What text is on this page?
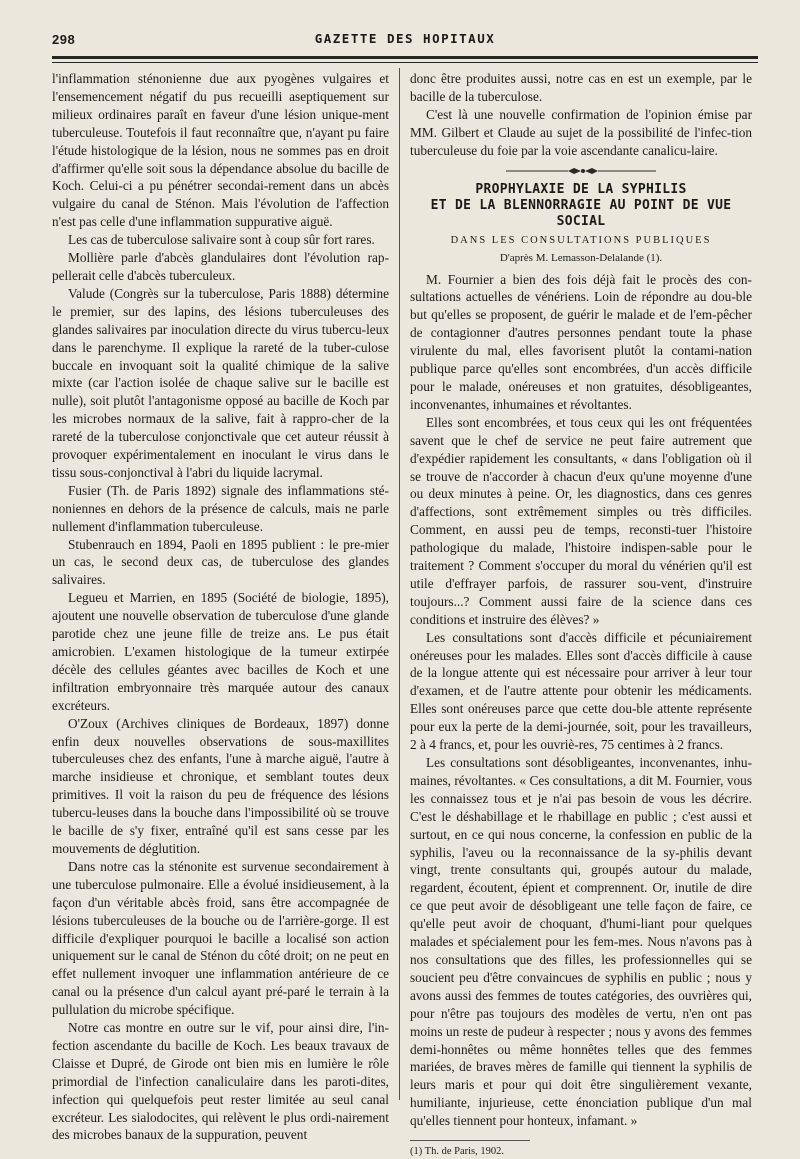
298	GAZETTE DES HOPITAUX

l'inflammation sténonienne due aux pyogènes vulgaires et l'ensemencement négatif du pus recueilli aseptiquement sur milieux ordinaires paraît en faveur d'une lésion unique-ment tuberculeuse. Toutefois il faut reconnaître que, n'ayant pu faire l'étude histologique de la lésion, nous ne sommes pas en droit d'affirmer qu'elle soit sous la dépendance absolue du bacille de Koch. Celui-ci a pu pénétrer secondai-rement dans un abcès vulgaire du canal de Sténon. Mais l'évolution de l'affection n'est pas celle d'une inflammation suppurative aiguë.

Les cas de tuberculose salivaire sont à coup sûr fort rares.

Mollière parle d'abcès glandulaires dont l'évolution rap-pellerait celle d'abcès tuberculeux.

Valude (Congrès sur la tuberculose, Paris 1888) détermine le premier, sur des lapins, des lésions tuberculeuses des glandes salivaires par inoculation directe du virus tubercu-leux dans le parenchyme. Il explique la rareté de la tuber-culose buccale en invoquant soit la qualité chimique de la salive mixte (car l'action isolée de chaque salive sur le bacille est nulle), soit plutôt l'antagonisme opposé au bacille de Koch par les microbes normaux de la salive, fait à rappro-cher de la rareté de la tuberculose conjonctivale que cet auteur réussit à provoquer expérimentalement en inoculant le virus dans le tissu sous-conjonctival à l'abri du liquide lacrymal.

Fusier (Th. de Paris 1892) signale des inflammations sté-noniennes en dehors de la présence de calculs, mais ne parle nullement d'inflammation tuberculeuse.

Stubenrauch en 1894, Paoli en 1895 publient : le pre-mier un cas, le second deux cas, de tuberculose des glandes salivaires.

Legueu et Marrien, en 1895 (Société de biologie, 1895), ajoutent une nouvelle observation de tuberculose d'une glande parotide chez une jeune fille de treize ans. Le pus était amicrobien. L'examen histologique de la tumeur extirpée décèle des cellules géantes avec bacilles de Koch et une infiltration embryonnaire très marquée autour des canaux excréteurs.

O'Zoux (Archives cliniques de Bordeaux, 1897) donne enfin deux nouvelles observations de sous-maxillites tuberculeuses chez des enfants, l'une à marche aiguë, l'autre à marche insidieuse et chronique, et semblant toutes deux primitives. Il voit la raison du peu de fréquence des lésions tubercu-leuses dans la bouche dans l'impossibilité où se trouve le bacille de s'y fixer, entraîné qu'il est sans cesse par les mouvements de déglutition.

Dans notre cas la sténonite est survenue secondairement à une tuberculose pulmonaire. Elle a évolué insidieusement, à la façon d'un véritable abcès froid, sans être accompagnée de lésions tuberculeuses de la bouche ou de l'arrière-gorge. Il est difficile d'expliquer pourquoi le bacille a localisé son action uniquement sur le canal de Sténon du côté droit; on ne peut en effet nullement invoquer une inflammation antérieure de ce canal ou la présence d'un calcul ayant pré-paré le terrain à la pullulation du microbe spécifique.

Notre cas montre en outre sur le vif, pour ainsi dire, l'in-fection ascendante du bacille de Koch. Les beaux travaux de Claisse et Dupré, de Girode ont bien mis en lumière le rôle primordial de l'infection canaliculaire dans les paroti-dites, infection qui quelquefois peut rester limitée au seul canal excréteur. Les sialodocites, qui relèvent le plus ordi-nairement des microbes banaux de la suppuration, peuvent

donc être produites aussi, notre cas en est un exemple, par le bacille de la tuberculose.

C'est là une nouvelle confirmation de l'opinion émise par MM. Gilbert et Claude au sujet de la possibilité de l'infec-tion tuberculeuse du foie par la voie ascendante canalicu-laire.

PROPHYLAXIE DE LA SYPHILIS
ET DE LA BLENNORRAGIE AU POINT DE VUE SOCIAL
DANS LES CONSULTATIONS PUBLIQUES
D'après M. Lemasson-Delalande (1).

M. Fournier a bien des fois déjà fait le procès des con-sultations actuelles de vénériens. Loin de répondre au dou-ble but qu'elles se proposent, de guérir le malade et de l'em-pêcher de contagionner d'autres personnes pendant toute la phase virulente du mal, elles favorisent plutôt la contami-nation publique parce qu'elles sont encombrées, d'un accès difficile pour le malade, onéreuses et non gratuites, désobligeantes, inconvenantes, inhumaines et révoltantes.

Elles sont encombrées, et tous ceux qui les ont fréquentées savent que le chef de service ne peut faire autrement que d'expédier rapidement les consultants, « dans l'obligation où il se trouve de n'accorder à chacun d'eux qu'une moyenne d'une ou deux minutes à peine. Or, les diagnostics, dans ces genres d'affections, sont extrêmement simples ou très difficiles. Comment, en aussi peu de temps, reconsti-tuer l'histoire pathologique du malade, l'histoire indispen-sable pour le traitement ? Comment s'occuper du moral du vénérien qu'il est utile d'effrayer parfois, de rassurer sou-vent, d'instruire toujours...? Comment aussi faire de la science dans ces conditions et instruire des élèves? »

Les consultations sont d'accès difficile et pécuniairement onéreuses pour les malades. Elles sont d'accès difficile à cause de la longue attente qui est nécessaire pour arriver à leur tour d'examen, et de l'autre attente pour obtenir les médicaments. Elles sont onéreuses parce que cette dou-ble attente représente pour eux la perte de la demi-journée, soit, pour les travailleurs, 2 à 4 francs, et, pour les ouvriè-res, 75 centimes à 2 francs.

Les consultations sont désobligeantes, inconvenantes, inhu-maines, révoltantes. « Ces consultations, a dit M. Fournier, vous les connaissez tous et je n'ai pas besoin de vous les décrire. C'est le déshabillage et le rhabillage en public ; c'est aussi et surtout, en ce qui nous concerne, la confession en public de la syphilis, l'aveu ou la reconnaissance de la sy-philis devant vingt, trente consultants qui, groupés autour du malade, regardent, écoutent, épient et comprennent. Or, inutile de dire ce que peut avoir de désobligeant une telle façon de faire, ce qu'elle peut avoir de choquant, d'humi-liant pour quelques malades et spécialement pour les fem-mes. Nous n'avons pas à nos consultations que des filles, les professionnelles qui se soucient peu d'être convaincues de syphilis en public ; nous y avons aussi des femmes de toutes catégories, des ouvrières qui, pour n'être pas toujours des modèles de vertu, n'en ont pas moins un reste de pudeur à respecter ; nous y avons des femmes demi-honnêtes ou même honnêtes telles que des femmes mariées, de braves mères de famille qui tiennent la syphilis de leurs maris et pour qui doit être singulièrement vexante, humiliante, injurieuse, cette énonciation publique d'un mal qu'elles tiennent pour honteux, infamant. »

(1) Th. de Paris, 1902.
